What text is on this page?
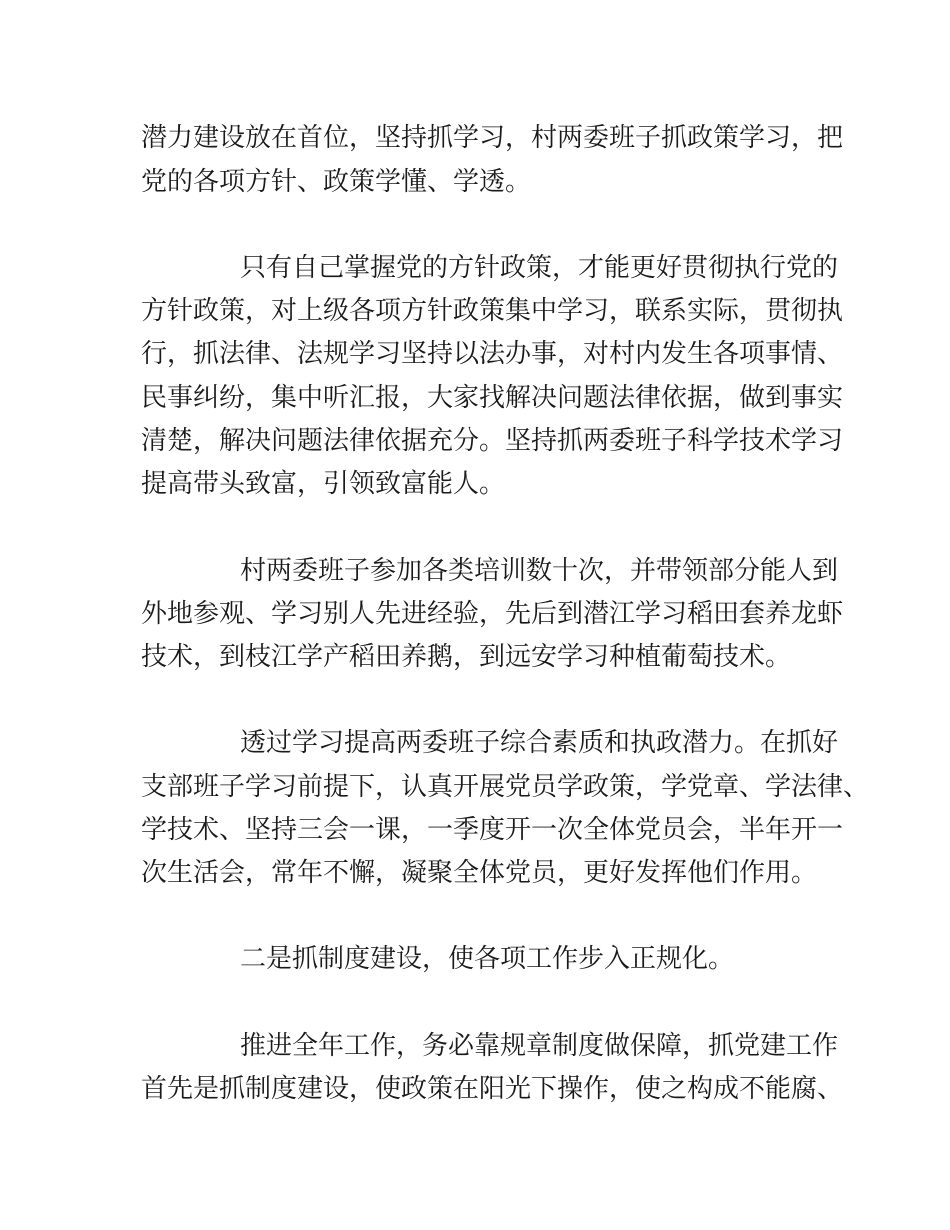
潜力建设放在首位，坚持抓学习，村两委班子抓政策学习，把
党的各项方针、政策学懂、学透。
只有自己掌握党的方针政策，才能更好贯彻执行党的
方针政策，对上级各项方针政策集中学习，联系实际，贯彻执
行，抓法律、法规学习坚持以法办事，对村内发生各项事情、
民事纠纷，集中听汇报，大家找解决问题法律依据，做到事实
清楚，解决问题法律依据充分。坚持抓两委班子科学技术学习
提高带头致富，引领致富能人。
村两委班子参加各类培训数十次，并带领部分能人到
外地参观、学习别人先进经验，先后到潜江学习稻田套养龙虾
技术，到枝江学产稻田养鹅，到远安学习种植葡萄技术。
透过学习提高两委班子综合素质和执政潜力。在抓好
支部班子学习前提下，认真开展党员学政策，学党章、学法律、
学技术、坚持三会一课，一季度开一次全体党员会，半年开一
次生活会，常年不懈，凝聚全体党员，更好发挥他们作用。
二是抓制度建设，使各项工作步入正规化。
推进全年工作，务必靠规章制度做保障，抓党建工作
首先是抓制度建设，使政策在阳光下操作，使之构成不能腐、
